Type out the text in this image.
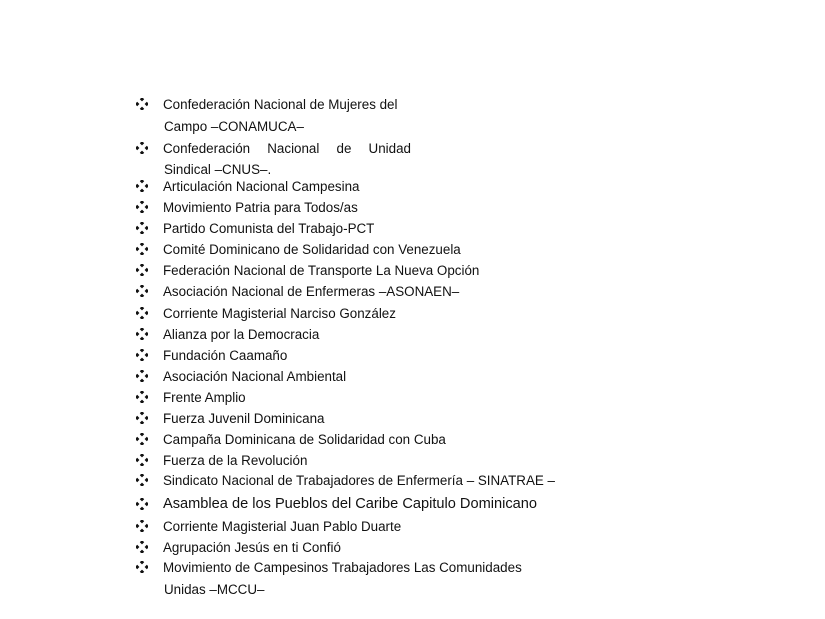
Confederación Nacional de Mujeres del
Campo –CONAMUCA–
Confederación Nacional de Unidad
Sindical –CNUS–.
Articulación Nacional Campesina
Movimiento Patria para Todos/as
Partido Comunista del Trabajo-PCT
Comité Dominicano de Solidaridad con Venezuela
Federación Nacional de Transporte La Nueva Opción
Asociación Nacional de Enfermeras –ASONAEN–
Corriente Magisterial Narciso González
Alianza por la Democracia
Fundación Caamaño
Asociación Nacional Ambiental
Frente Amplio
Fuerza Juvenil Dominicana
Campaña Dominicana de Solidaridad con Cuba
Fuerza de la Revolución
Sindicato Nacional de Trabajadores de Enfermería – SINATRAE –
Asamblea de los Pueblos del Caribe Capitulo Dominicano
Corriente Magisterial Juan Pablo Duarte
Agrupación Jesús en ti Confió
Movimiento de Campesinos Trabajadores Las Comunidades
Unidas –MCCU–
